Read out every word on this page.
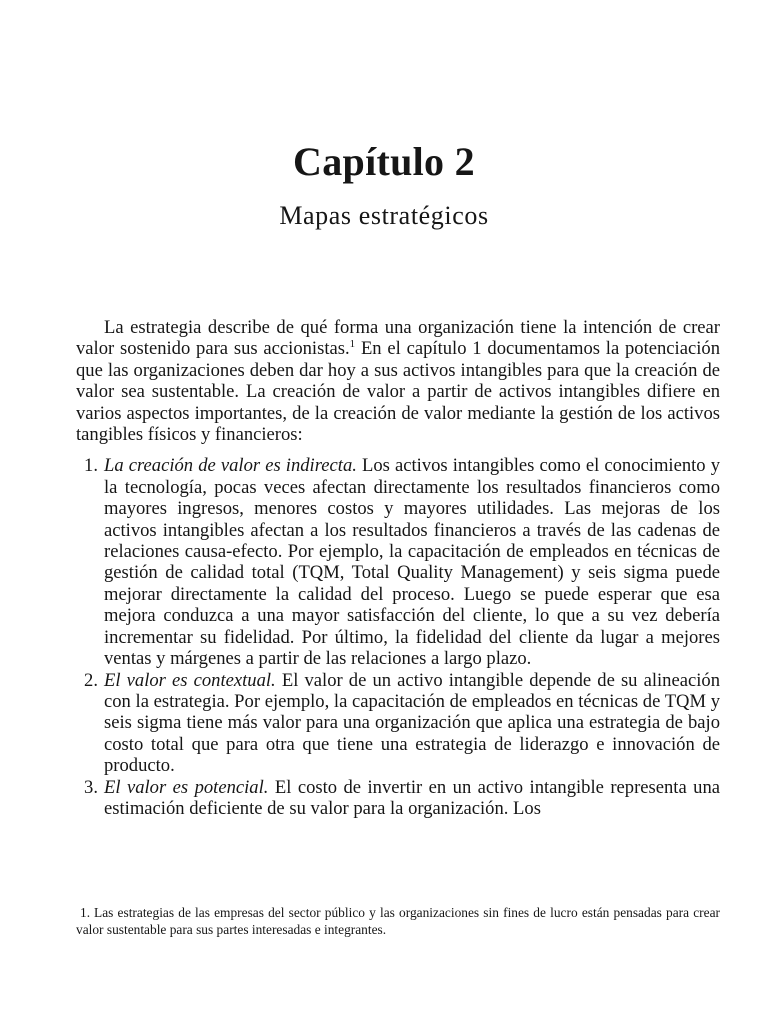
Capítulo 2
Mapas estratégicos

La estrategia describe de qué forma una organización tiene la intención de crear valor sostenido para sus accionistas.$^1$ En el capítulo 1 documentamos la potenciación que las organizaciones deben dar hoy a sus activos intangibles para que la creación de valor sea sustentable. La creación de valor a partir de activos intangibles difiere en varios aspectos importantes, de la creación de valor mediante la gestión de los activos tangibles físicos y financieros:

1. La creación de valor es indirecta. Los activos intangibles como el conocimiento y la tecnología, pocas veces afectan directamente los resultados financieros como mayores ingresos, menores costos y mayores utilidades. Las mejoras de los activos intangibles afectan a los resultados financieros a través de las cadenas de relaciones causa-efecto. Por ejemplo, la capacitación de empleados en técnicas de gestión de calidad total (TQM, Total Quality Management) y seis sigma puede mejorar directamente la calidad del proceso. Luego se puede esperar que esa mejora conduzca a una mayor satisfacción del cliente, lo que a su vez debería incrementar su fidelidad. Por último, la fidelidad del cliente da lugar a mejores ventas y márgenes a partir de las relaciones a largo plazo.
2. El valor es contextual. El valor de un activo intangible depende de su alineación con la estrategia. Por ejemplo, la capacitación de empleados en técnicas de TQM y seis sigma tiene más valor para una organización que aplica una estrategia de bajo costo total que para otra que tiene una estrategia de liderazgo e innovación de producto.
3. El valor es potencial. El costo de invertir en un activo intangible representa una estimación deficiente de su valor para la organización. Los
1. Las estrategias de las empresas del sector público y las organizaciones sin fines de lucro están pensadas para crear valor sustentable para sus partes interesadas e integrantes.
